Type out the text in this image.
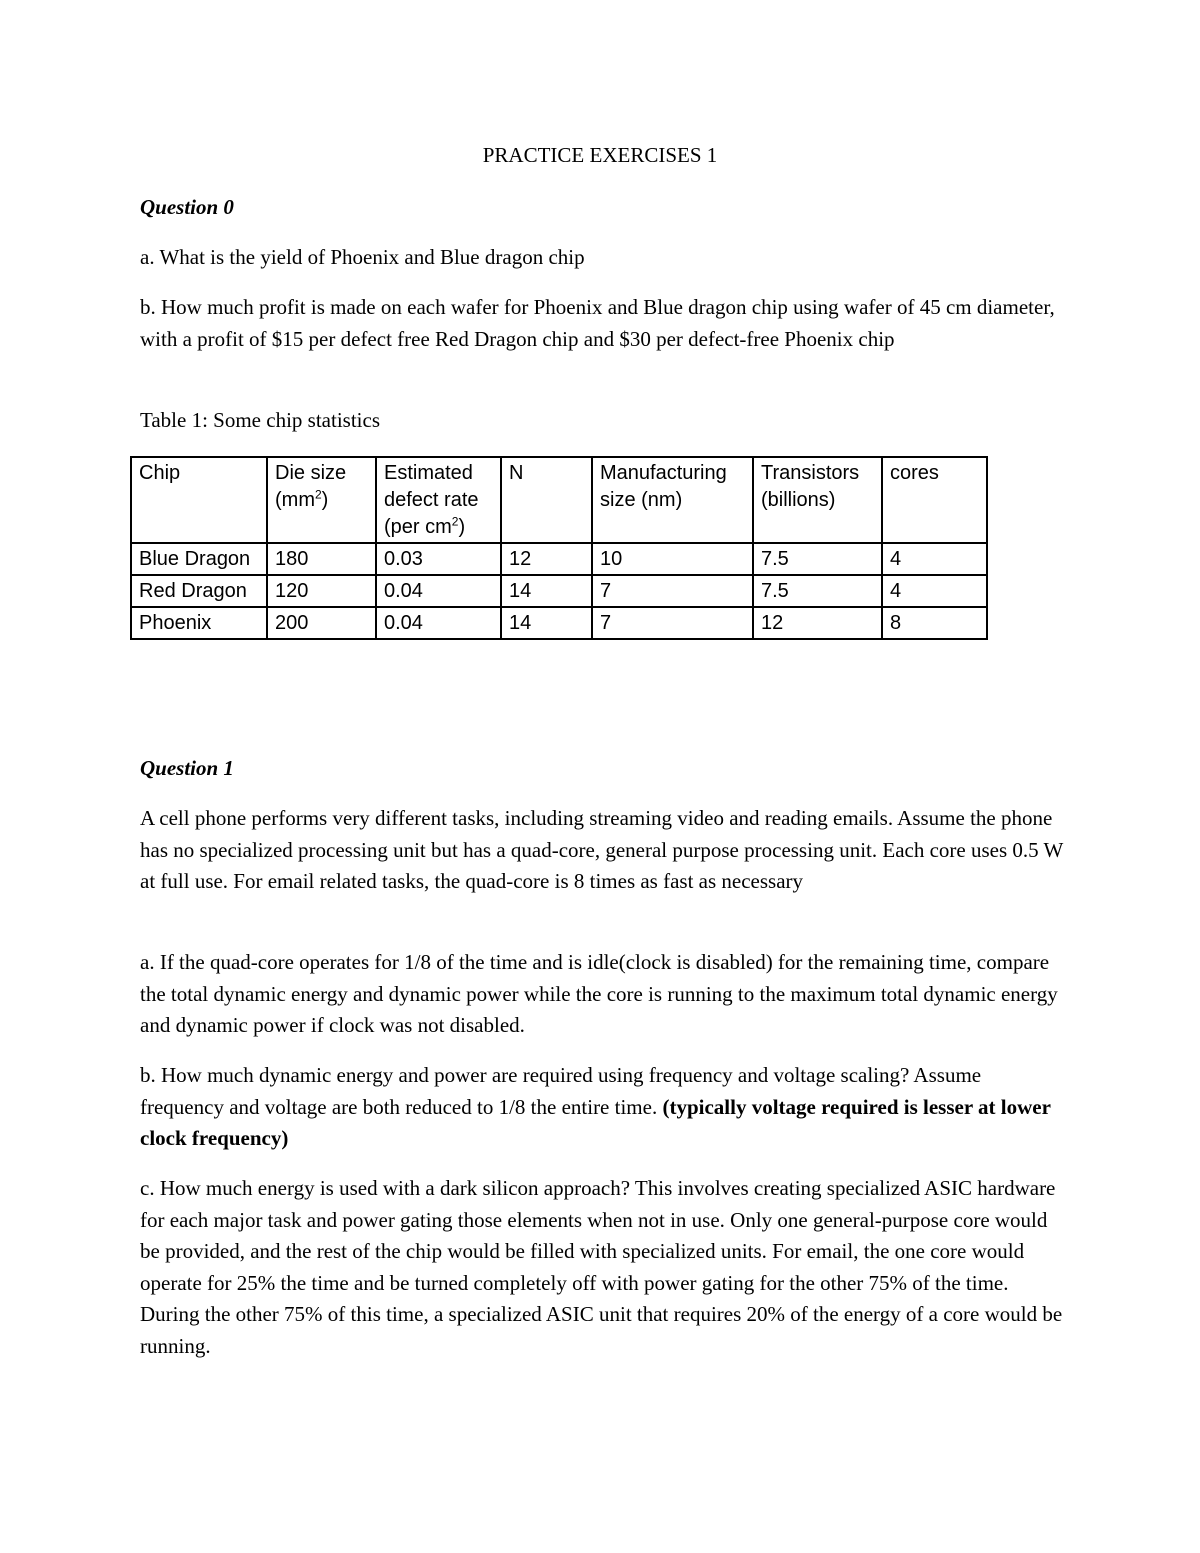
PRACTICE EXERCISES 1
Question 0

a. What is the yield of Phoenix and Blue dragon chip

b. How much profit is made on each wafer for Phoenix and Blue dragon chip using wafer of 45 cm diameter, with a profit of $15 per defect free Red Dragon chip and $30 per defect-free Phoenix chip

Table 1: Some chip statistics

Chip	Die size $(mm^2)$	Estimated defect rate (per $cm^2$)	N	Manufacturing size (nm)	Transistors (billions)	cores
Blue Dragon	180	0.03	12	10	7.5	4
Red Dragon	120	0.04	14	7	7.5	4
Phoenix	200	0.04	14	7	12	8
Question 1

A cell phone performs very different tasks, including streaming video and reading emails. Assume the phone has no specialized processing unit but has a quad-core, general purpose processing unit. Each core uses 0.5 W at full use. For email related tasks, the quad-core is 8 times as fast as necessary

a. If the quad-core operates for 1/8 of the time and is idle(clock is disabled) for the remaining time, compare the total dynamic energy and dynamic power while the core is running to the maximum total dynamic energy and dynamic power if clock was not disabled.

b. How much dynamic energy and power are required using frequency and voltage scaling? Assume frequency and voltage are both reduced to 1/8 the entire time. (typically voltage required is lesser at lower clock frequency)

c. How much energy is used with a dark silicon approach? This involves creating specialized ASIC hardware for each major task and power gating those elements when not in use. Only one general-purpose core would be provided, and the rest of the chip would be filled with specialized units. For email, the one core would operate for 25% the time and be turned completely off with power gating for the other 75% of the time. During the other 75% of this time, a specialized ASIC unit that requires 20% of the energy of a core would be running.
